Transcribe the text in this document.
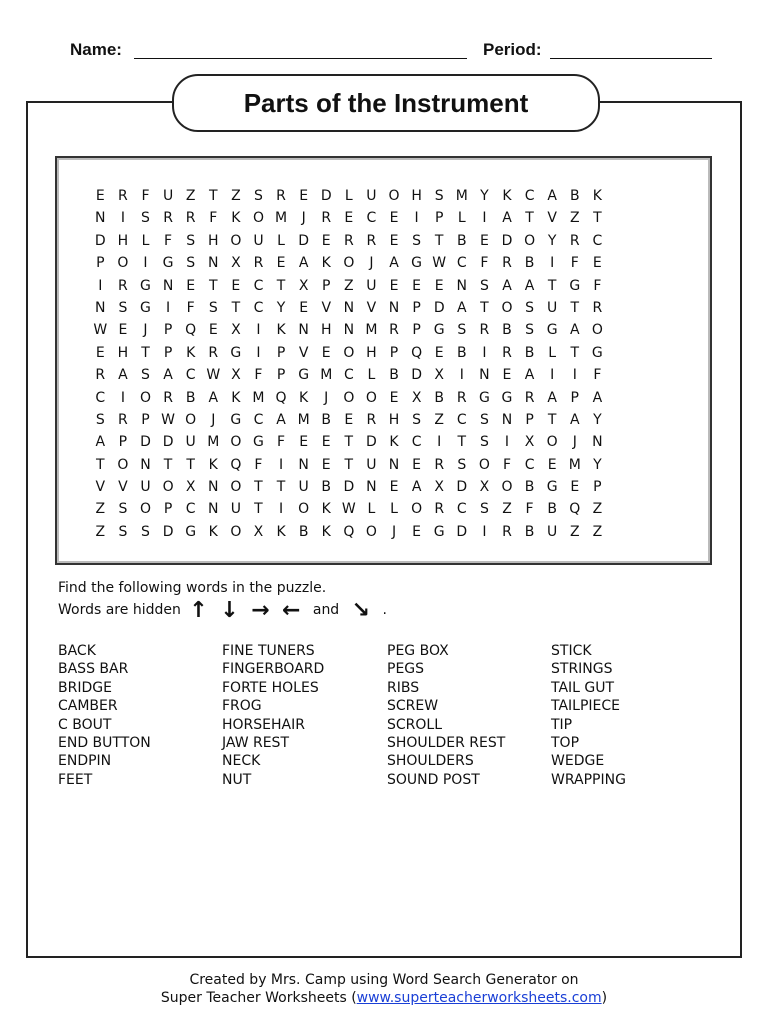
Name:	Period:
Parts of the Instrument
E R F U Z T Z S R E D L U O H S M Y K C A B K
N	I	S R R F K O M	J	R E C E	I	P	L	I	A T V Z T
D H L	F	S H O U L D E R R E S T B E D O Y R C
P O	I	G S N X R E A K O	J	A G W C F R B	I	F	E
I	R G N E T E C T X P Z U E E E N S A A T G F
N S G	I	F	S T C Y E V N V N P D A T O S U T R
W E	J	P Q E X	I	K N H N M R P G S R B S G A O
E H T	P K R G	I	P V E O H P Q E B	I	R B L	T G
R A S A C W X F	P G M C L B D X	I	N E A	I	I	F
C	I	O R B A K M Q K	J	O O E X B R G G R A P A
S R P W O	J	G C A M B E R H S Z C S N P	T A Y
A P D D U M O G F	E E T D K C	I	T S	I	X O	J	N
T O N T	T K Q F	I	N E T U N E R S O F C E M Y
V V U O X N O T	T U B D N E A X D X O B G E P
Z S O P C N U T	I	O K W L	L O R C S Z F B Q Z
Z S S D G K O X K B K Q O	J	E G D	I	R B U Z Z
Find the following words in the puzzle.
Words are hidden ↑ ↓ → ← and ↘ .
BACK
BASS BAR
BRIDGE
CAMBER
C BOUT
END BUTTON
ENDPIN
FEET
FINE TUNERS
FINGERBOARD
FORTE HOLES
FROG
HORSEHAIR
JAW REST
NECK
NUT
PEG BOX
PEGS
RIBS
SCREW
SCROLL
SHOULDER REST
SHOULDERS
SOUND POST
STICK
STRINGS
TAIL GUT
TAILPIECE
TIP
TOP
WEDGE
WRAPPING
Created by Mrs. Camp using Word Search Generator on
Super Teacher Worksheets (www.superteacherworksheets.com)
